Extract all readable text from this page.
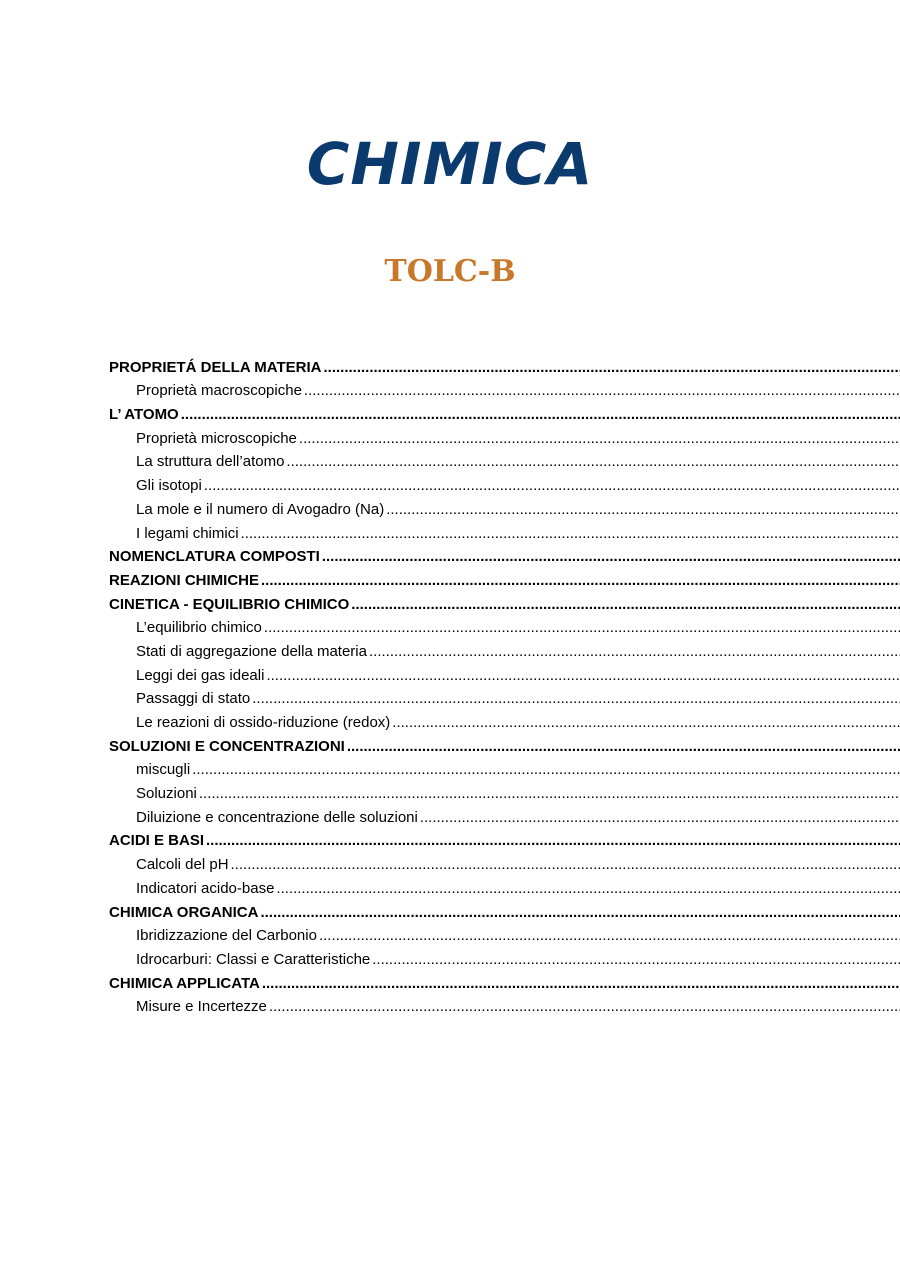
CHIMICA
TOLC-B
PROPRIETÁ DELLA MATERIA
.....
Proprietà macroscopiche
.....
L’ ATOMO
.....
Proprietà microscopiche
.....
La struttura dell’atomo
.....
Gli isotopi
.....
La mole e il numero di Avogadro (Na)
.....
I legami chimici
.....
NOMENCLATURA COMPOSTI
.....
REAZIONI CHIMICHE
.....
CINETICA - EQUILIBRIO CHIMICO
.....
L’equilibrio chimico
.....
Stati di aggregazione della materia
.....
Leggi dei gas ideali
.....
Passaggi di stato
.....
Le reazioni di ossido-riduzione (redox)
.....
SOLUZIONI E CONCENTRAZIONI
.....
miscugli
.....
Soluzioni
.....
Diluizione e concentrazione delle soluzioni
.....
ACIDI E BASI
.....
Calcoli del pH
.....
Indicatori acido-base
.....
CHIMICA ORGANICA
.....
Ibridizzazione del Carbonio
.....
Idrocarburi: Classi e Caratteristiche
.....
CHIMICA APPLICATA
.....
Misure e Incertezze
.....
